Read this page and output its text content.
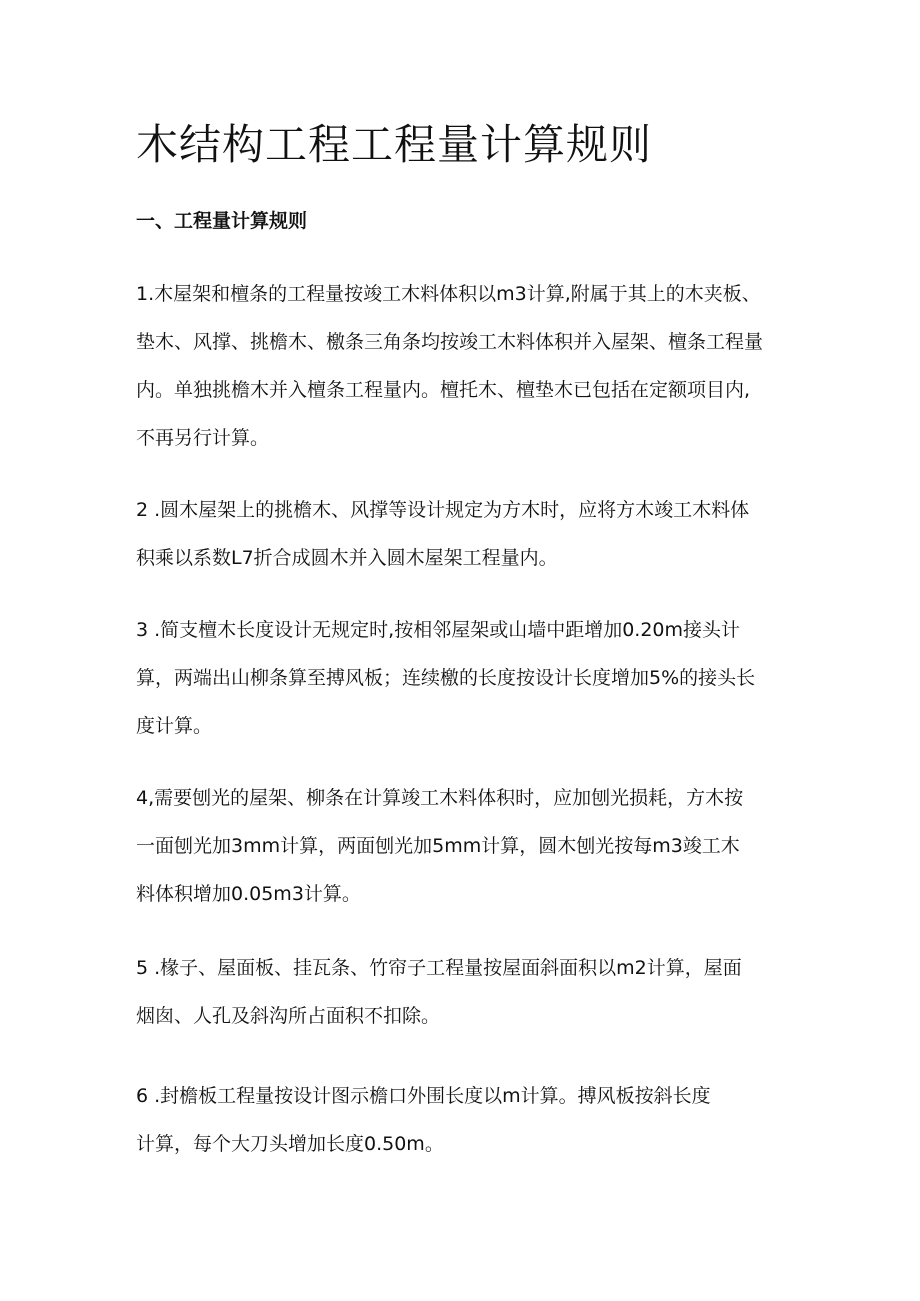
木结构工程工程量计算规则
一、工程量计算规则
1.木屋架和檀条的工程量按竣工木料体积以m3计算,附属于其上的木夹板、
垫木、风撑、挑檐木、檄条三角条均按竣工木料体积并入屋架、檀条工程量
内。单独挑檐木并入檀条工程量内。檀托木、檀垫木已包括在定额项目内,
不再另行计算。
2 .圆木屋架上的挑檐木、风撑等设计规定为方木时，应将方木竣工木料体
积乘以系数L7折合成圆木并入圆木屋架工程量内。
3 .简支檀木长度设计无规定时,按相邻屋架或山墙中距增加0.20m接头计
算，两端出山柳条算至搏风板；连续檄的长度按设计长度增加5%的接头长
度计算。
4,需要刨光的屋架、柳条在计算竣工木料体积时，应加刨光损耗，方木按
一面刨光加3mm计算，两面刨光加5mm计算，圆木刨光按每m3竣工木
料体积增加0.05m3计算。
5 .椽子、屋面板、挂瓦条、竹帘子工程量按屋面斜面积以m2计算，屋面
烟囱、人孔及斜沟所占面积不扣除。
6 .封檐板工程量按设计图示檐口外围长度以m计算。搏风板按斜长度
计算，每个大刀头增加长度0.50m。
